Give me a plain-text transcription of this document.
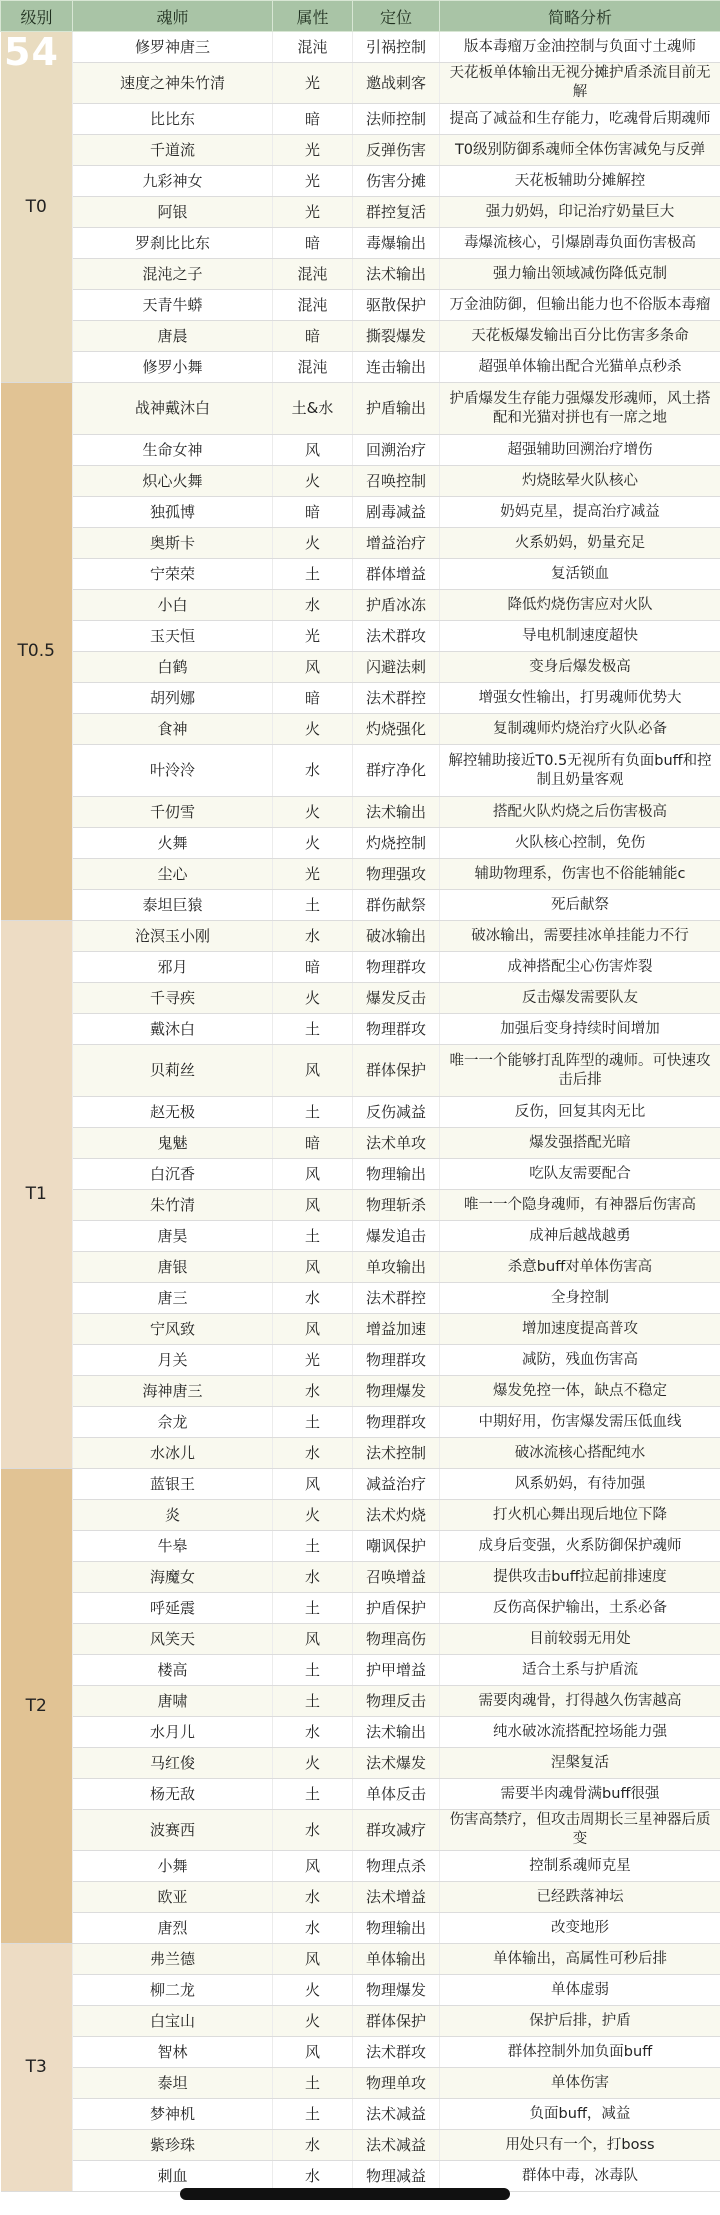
级别	魂师	属性	定位	简略分析
T0	修罗神唐三	混沌	引祸控制	版本毒瘤万金油控制与负面寸土魂师
	速度之神朱竹清	光	邀战刺客	天花板单体输出无视分摊护盾杀流目前无解
	比比东	暗	法师控制	提高了减益和生存能力，吃魂骨后期魂师
	千道流	光	反弹伤害	T0级别防御系魂师全体伤害减免与反弹
	九彩神女	光	伤害分摊	天花板辅助分摊解控
	阿银	光	群控复活	强力奶妈，印记治疗奶量巨大
	罗刹比比东	暗	毒爆输出	毒爆流核心，引爆剧毒负面伤害极高
	混沌之子	混沌	法术输出	强力输出领域减伤降低克制
	天青牛蟒	混沌	驱散保护	万金油防御，但输出能力也不俗版本毒瘤
	唐晨	暗	撕裂爆发	天花板爆发输出百分比伤害多条命
	修罗小舞	混沌	连击输出	超强单体输出配合光猫单点秒杀
T0.5	战神戴沐白	土&水	护盾输出	护盾爆发生存能力强爆发形魂师，风土搭配和光猫对拼也有一席之地
	生命女神	风	回溯治疗	超强辅助回溯治疗增伤
	炽心火舞	火	召唤控制	灼烧眩晕火队核心
	独孤博	暗	剧毒减益	奶妈克星，提高治疗减益
	奥斯卡	火	增益治疗	火系奶妈，奶量充足
	宁荣荣	土	群体增益	复活锁血
	小白	水	护盾冰冻	降低灼烧伤害应对火队
	玉天恒	光	法术群攻	导电机制速度超快
	白鹤	风	闪避法刺	变身后爆发极高
	胡列娜	暗	法术群控	增强女性输出，打男魂师优势大
	食神	火	灼烧强化	复制魂师灼烧治疗火队必备
	叶泠泠	水	群疗净化	解控辅助接近T0.5无视所有负面buff和控制且奶量客观
	千仞雪	火	法术输出	搭配火队灼烧之后伤害极高
	火舞	火	灼烧控制	火队核心控制，免伤
	尘心	光	物理强攻	辅助物理系，伤害也不俗能辅能c
	泰坦巨猿	土	群伤献祭	死后献祭
T1	沧溟玉小刚	水	破冰输出	破冰输出，需要挂冰单挂能力不行
	邪月	暗	物理群攻	成神搭配尘心伤害炸裂
	千寻疾	火	爆发反击	反击爆发需要队友
	戴沐白	土	物理群攻	加强后变身持续时间增加
	贝莉丝	风	群体保护	唯一一个能够打乱阵型的魂师。可快速攻击后排
	赵无极	土	反伤减益	反伤，回复其肉无比
	鬼魅	暗	法术单攻	爆发强搭配光暗
	白沉香	风	物理输出	吃队友需要配合
	朱竹清	风	物理斩杀	唯一一个隐身魂师，有神器后伤害高
	唐昊	土	爆发追击	成神后越战越勇
	唐银	风	单攻输出	杀意buff对单体伤害高
	唐三	水	法术群控	全身控制
	宁风致	风	增益加速	增加速度提高普攻
	月关	光	物理群攻	减防，残血伤害高
	海神唐三	水	物理爆发	爆发免控一体，缺点不稳定
	佘龙	土	物理群攻	中期好用，伤害爆发需压低血线
	水冰儿	水	法术控制	破冰流核心搭配纯水
T2	蓝银王	风	减益治疗	风系奶妈，有待加强
	炎	火	法术灼烧	打火机心舞出现后地位下降
	牛皋	土	嘲讽保护	成身后变强，火系防御保护魂师
	海魔女	水	召唤增益	提供攻击buff拉起前排速度
	呼延震	土	护盾保护	反伤高保护输出，土系必备
	风笑天	风	物理高伤	目前较弱无用处
	楼高	土	护甲增益	适合土系与护盾流
	唐啸	土	物理反击	需要肉魂骨，打得越久伤害越高
	水月儿	水	法术输出	纯水破冰流搭配控场能力强
	马红俊	火	法术爆发	涅槃复活
	杨无敌	土	单体反击	需要半肉魂骨满buff很强
	波赛西	水	群攻减疗	伤害高禁疗，但攻击周期长三星神器后质变
	小舞	风	物理点杀	控制系魂师克星
	欧亚	水	法术增益	已经跌落神坛
	唐烈	水	物理输出	改变地形
T3	弗兰德	风	单体输出	单体输出，高属性可秒后排
	柳二龙	火	物理爆发	单体虚弱
	白宝山	火	群体保护	保护后排，护盾
	智林	风	法术群攻	群体控制外加负面buff
	泰坦	土	物理单攻	单体伤害
	梦神机	土	法术减益	负面buff，减益
	紫珍珠	水	法术减益	用处只有一个，打boss
	刺血	水	物理减益	群体中毒，冰毒队
54
